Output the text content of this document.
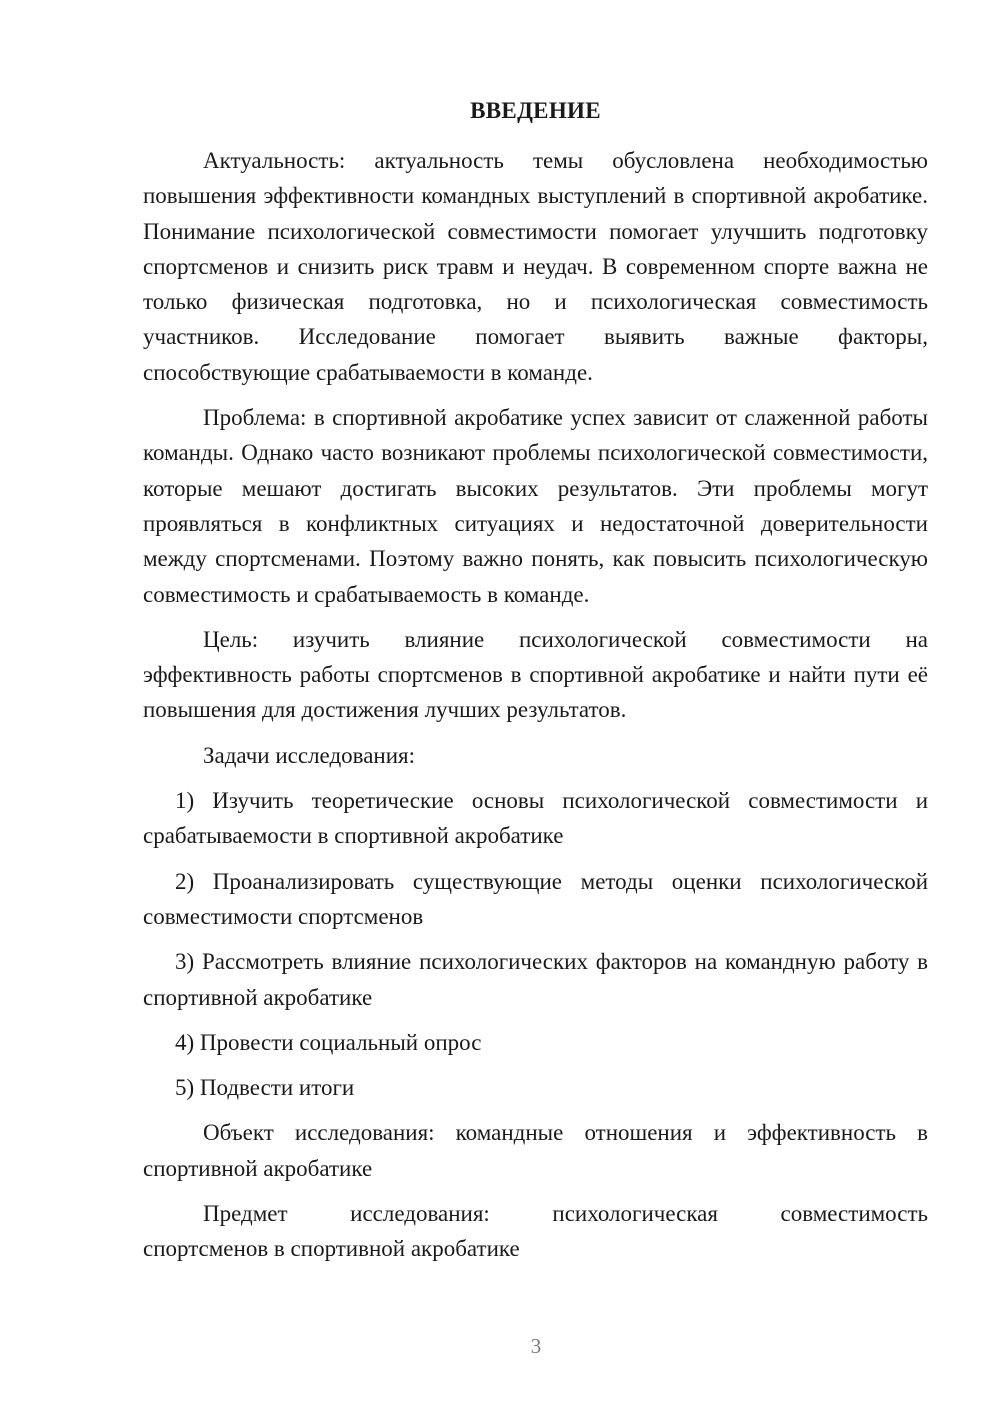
ВВЕДЕНИЕ

Актуальность: актуальность темы обусловлена необходимостью повышения эффективности командных выступлений в спортивной акробатике. Понимание психологической совместимости помогает улучшить подготовку спортсменов и снизить риск травм и неудач. В современном спорте важна не только физическая подготовка, но и психологическая совместимость участников. Исследование помогает выявить важные факторы, способствующие срабатываемости в команде.

Проблема: в спортивной акробатике успех зависит от слаженной работы команды. Однако часто возникают проблемы психологической совместимости, которые мешают достигать высоких результатов. Эти проблемы могут проявляться в конфликтных ситуациях и недостаточной доверительности между спортсменами. Поэтому важно понять, как повысить психологическую совместимость и срабатываемость в команде.

Цель: изучить влияние психологической совместимости на эффективность работы спортсменов в спортивной акробатике и найти пути её повышения для достижения лучших результатов.

Задачи исследования:

1) Изучить теоретические основы психологической совместимости и срабатываемости в спортивной акробатике

2) Проанализировать существующие методы оценки психологической совместимости спортсменов

3) Рассмотреть влияние психологических факторов на командную работу в спортивной акробатике

4) Провести социальный опрос

5) Подвести итоги

Объект исследования: командные отношения и эффективность в спортивной акробатике

Предмет исследования: психологическая совместимость

спортсменов в спортивной акробатике

3
